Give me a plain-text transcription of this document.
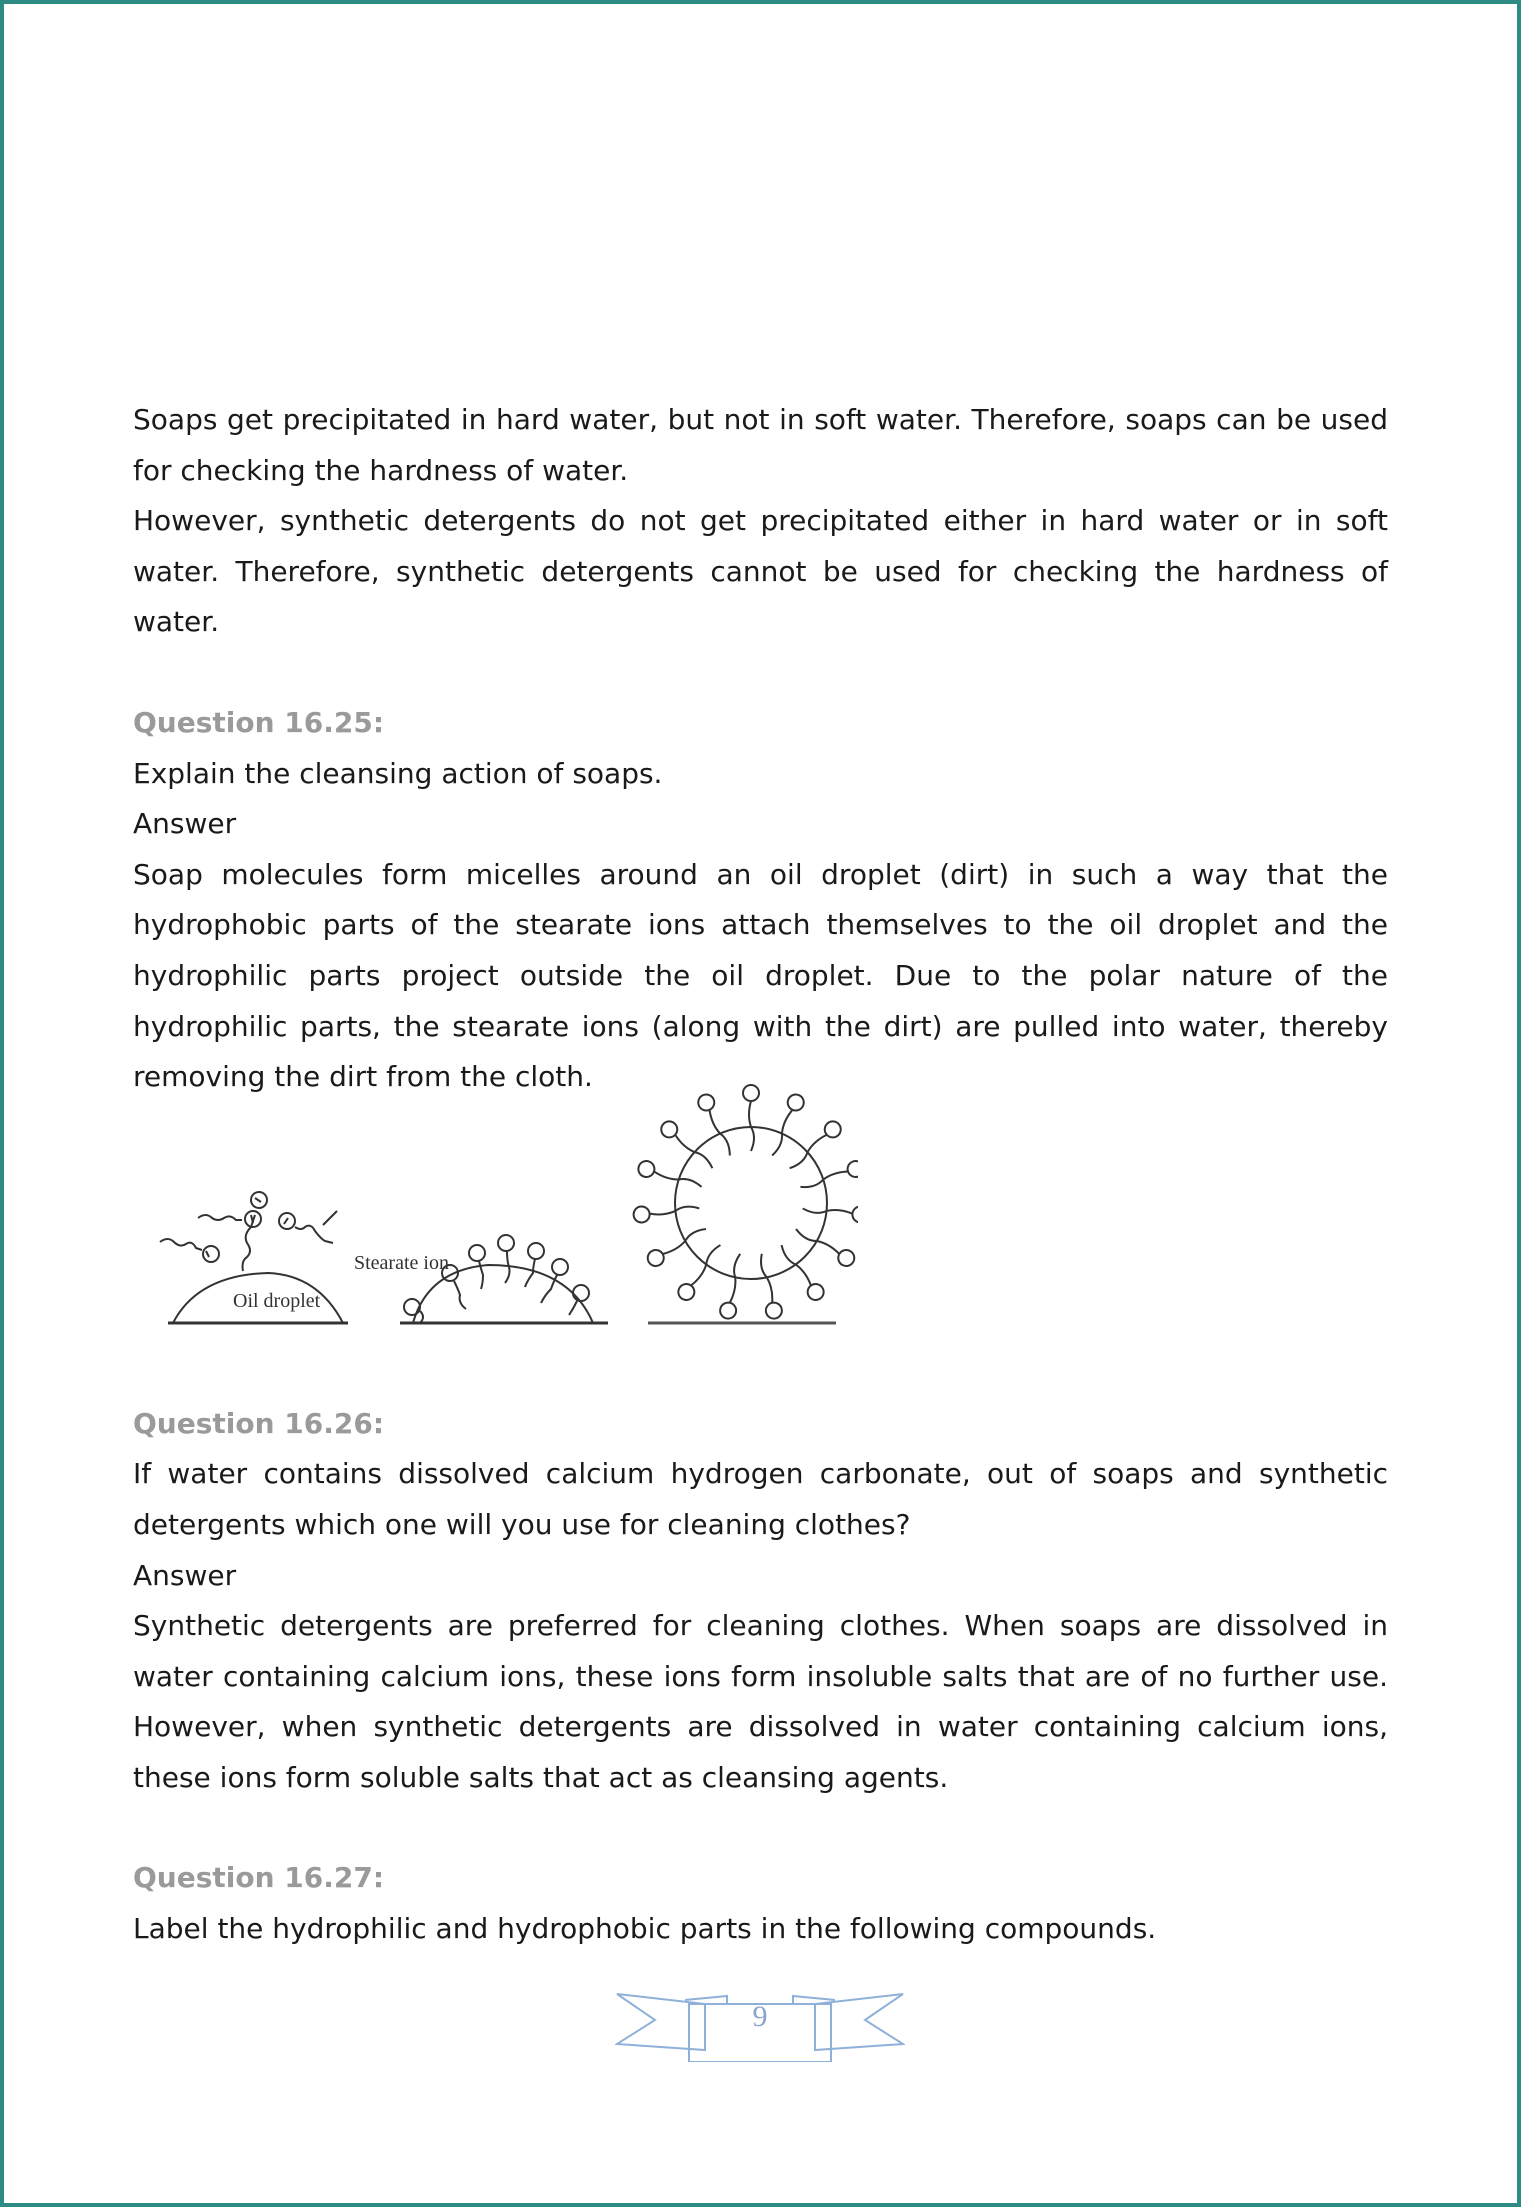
Soaps get precipitated in hard water, but not in soft water. Therefore, soaps can be used for checking the hardness of water.

However, synthetic detergents do not get precipitated either in hard water or in soft water. Therefore, synthetic detergents cannot be used for checking the hardness of water.

Question 16.25:

Explain the cleansing action of soaps.

Answer

Soap molecules form micelles around an oil droplet (dirt) in such a way that the hydrophobic parts of the stearate ions attach themselves to the oil droplet and the hydrophilic parts project outside the oil droplet. Due to the polar nature of the hydrophilic parts, the stearate ions (along with the dirt) are pulled into water, thereby removing the dirt from the cloth.

Question 16.26:

If water contains dissolved calcium hydrogen carbonate, out of soaps and synthetic detergents which one will you use for cleaning clothes?

Answer

Synthetic detergents are preferred for cleaning clothes. When soaps are dissolved in water containing calcium ions, these ions form insoluble salts that are of no further use. However, when synthetic detergents are dissolved in water containing calcium ions, these ions form soluble salts that act as cleansing agents.

Question 16.27:

Label the hydrophilic and hydrophobic parts in the following compounds.

Oil droplet
Stearate ion
9
